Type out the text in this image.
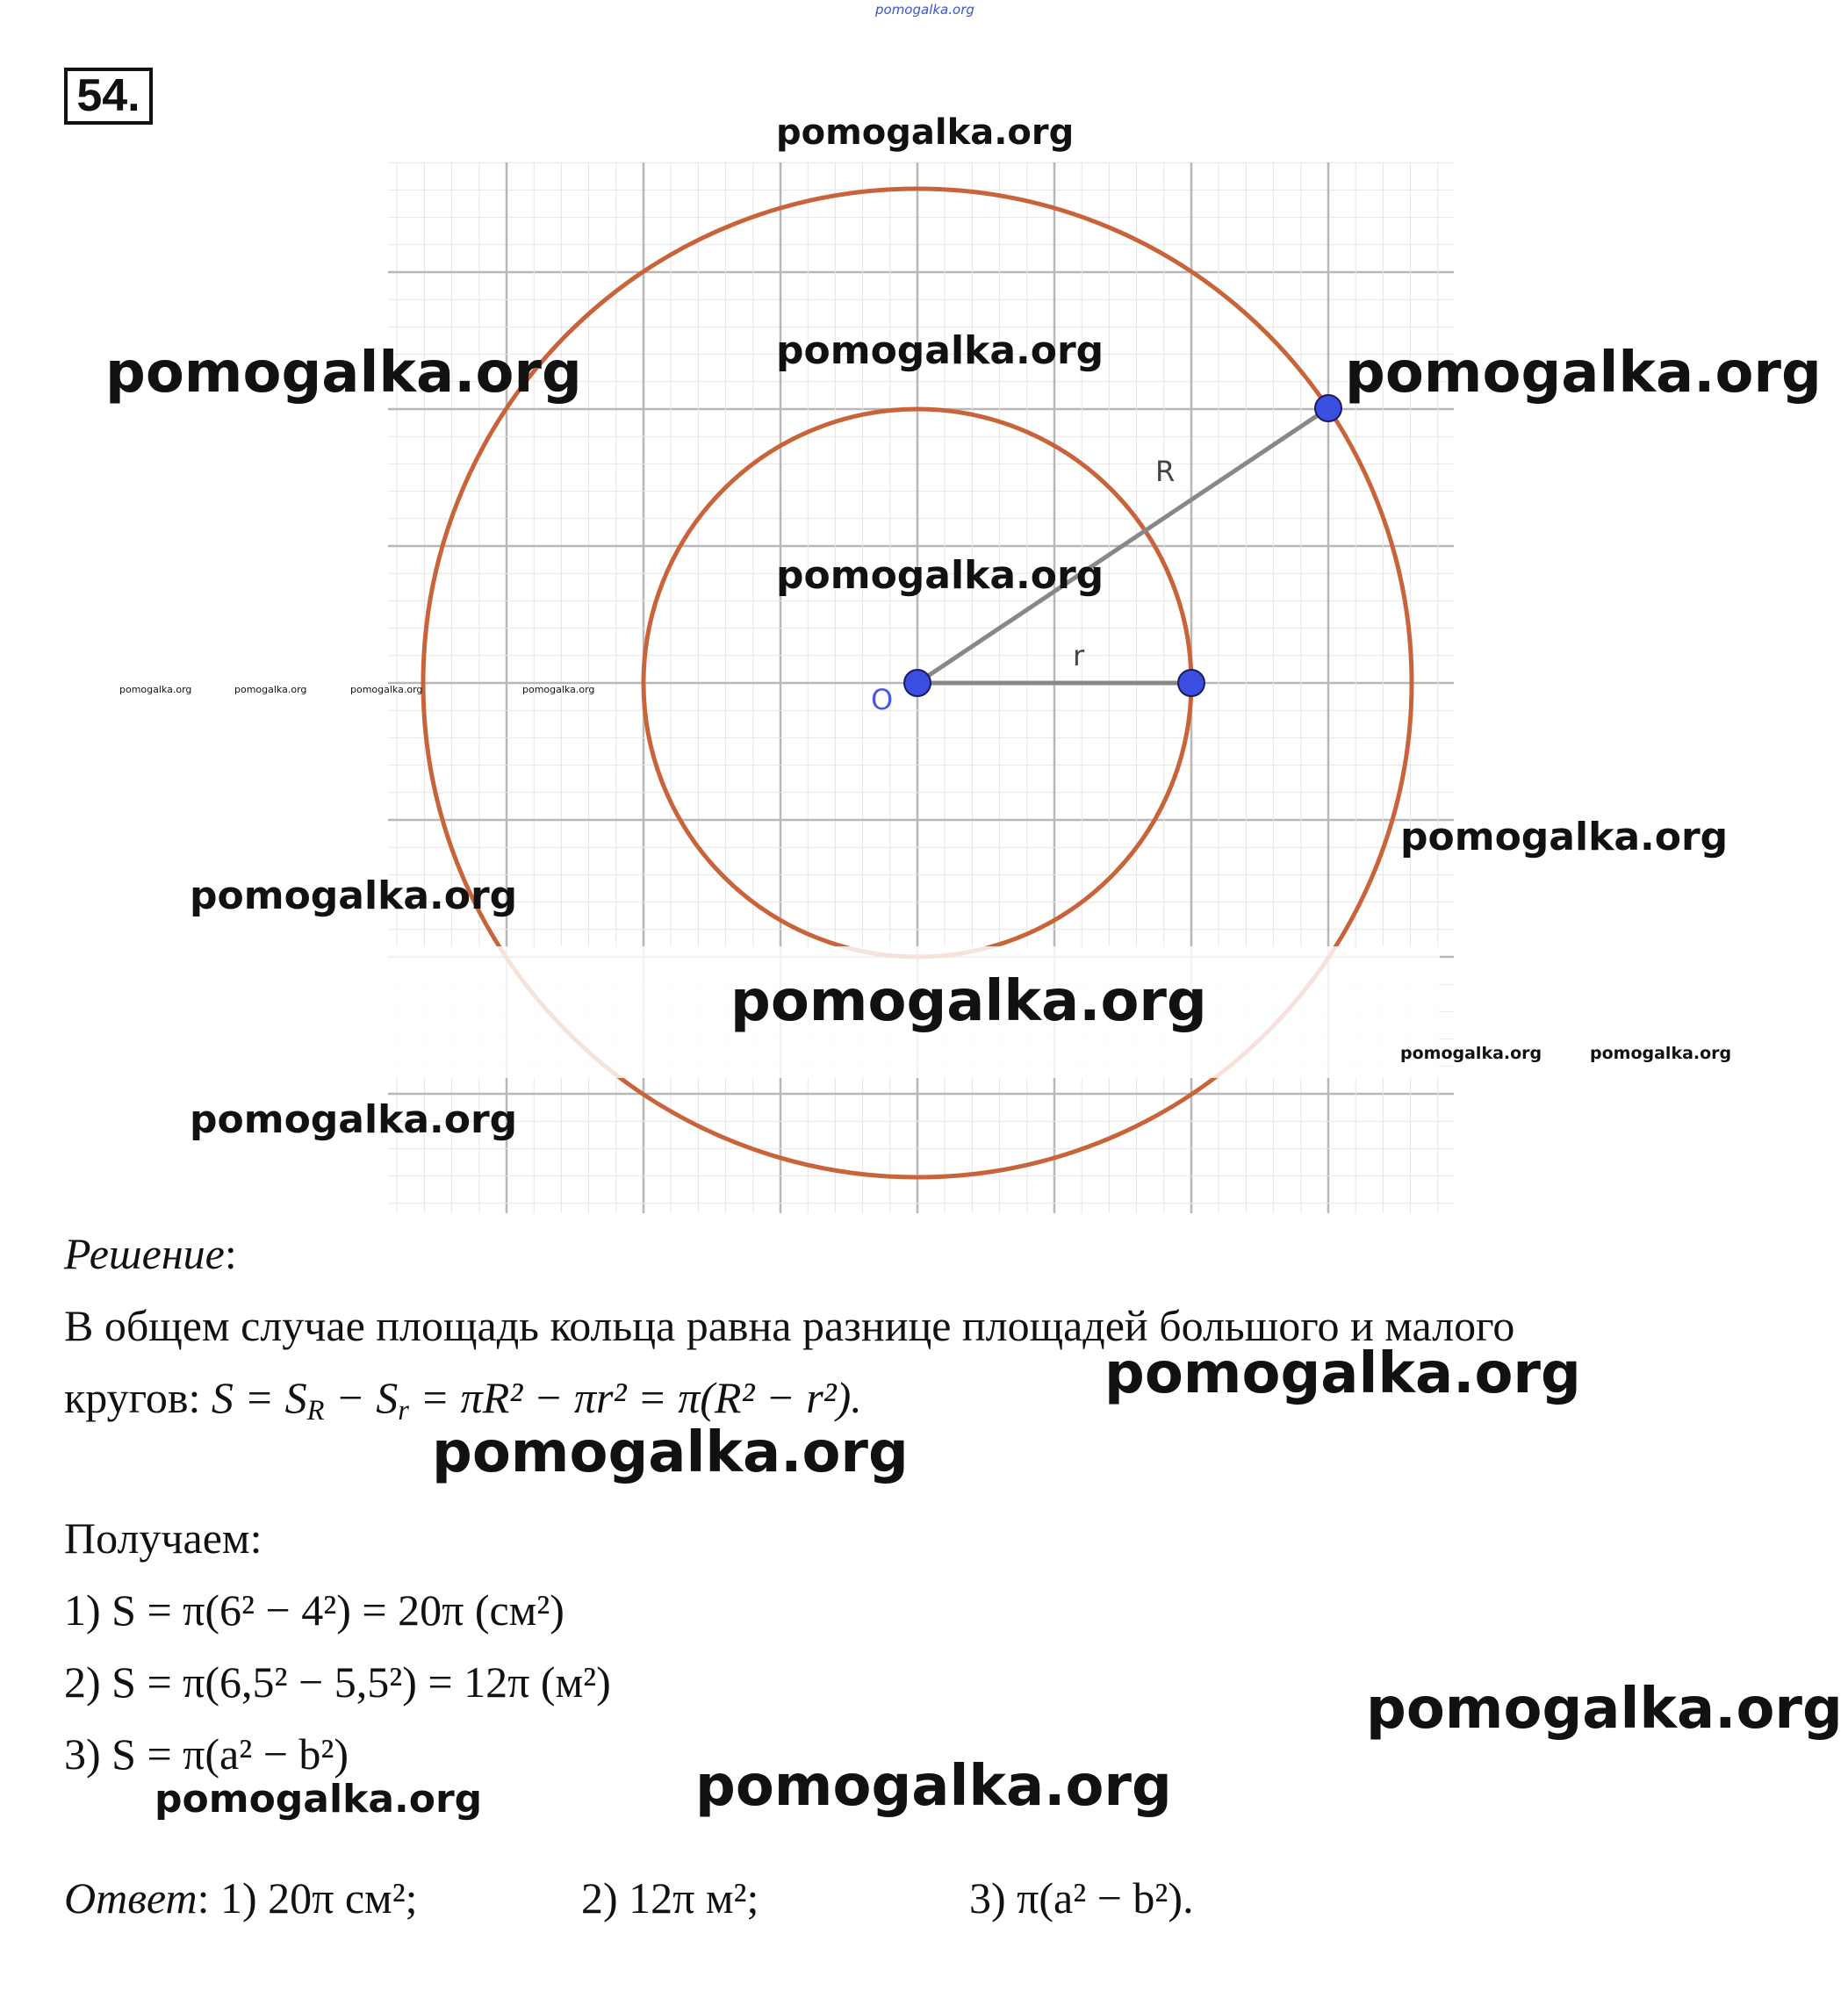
pomogalka.org
54.
O
R
r
pomogalka.org
pomogalka.org	pomogalka.org	pomogalka.org
pomogalka.org
pomogalka.org	pomogalka.org	pomogalka.org	pomogalka.org
pomogalka.org
pomogalka.org
pomogalka.org
pomogalka.org	pomogalka.org
pomogalka.org
Решение:
В общем случае площадь кольца равна разнице площадей большого и малого
кругов: $S = S_R - S_r = \pi R^2 - \pi r^2 = \pi(R^2 - r^2)$.	pomogalka.org
pomogalka.org
Получаем:
1) S = π(6² − 4²) = 20π (см²)
2) S = π(6,5² − 5,5²) = 12π (м²)
3) S = π(a² − b²)
pomogalka.org
pomogalka.org	pomogalka.org
Ответ: 1) 20π см²;	2) 12π м²;	3) π(a² − b²).
